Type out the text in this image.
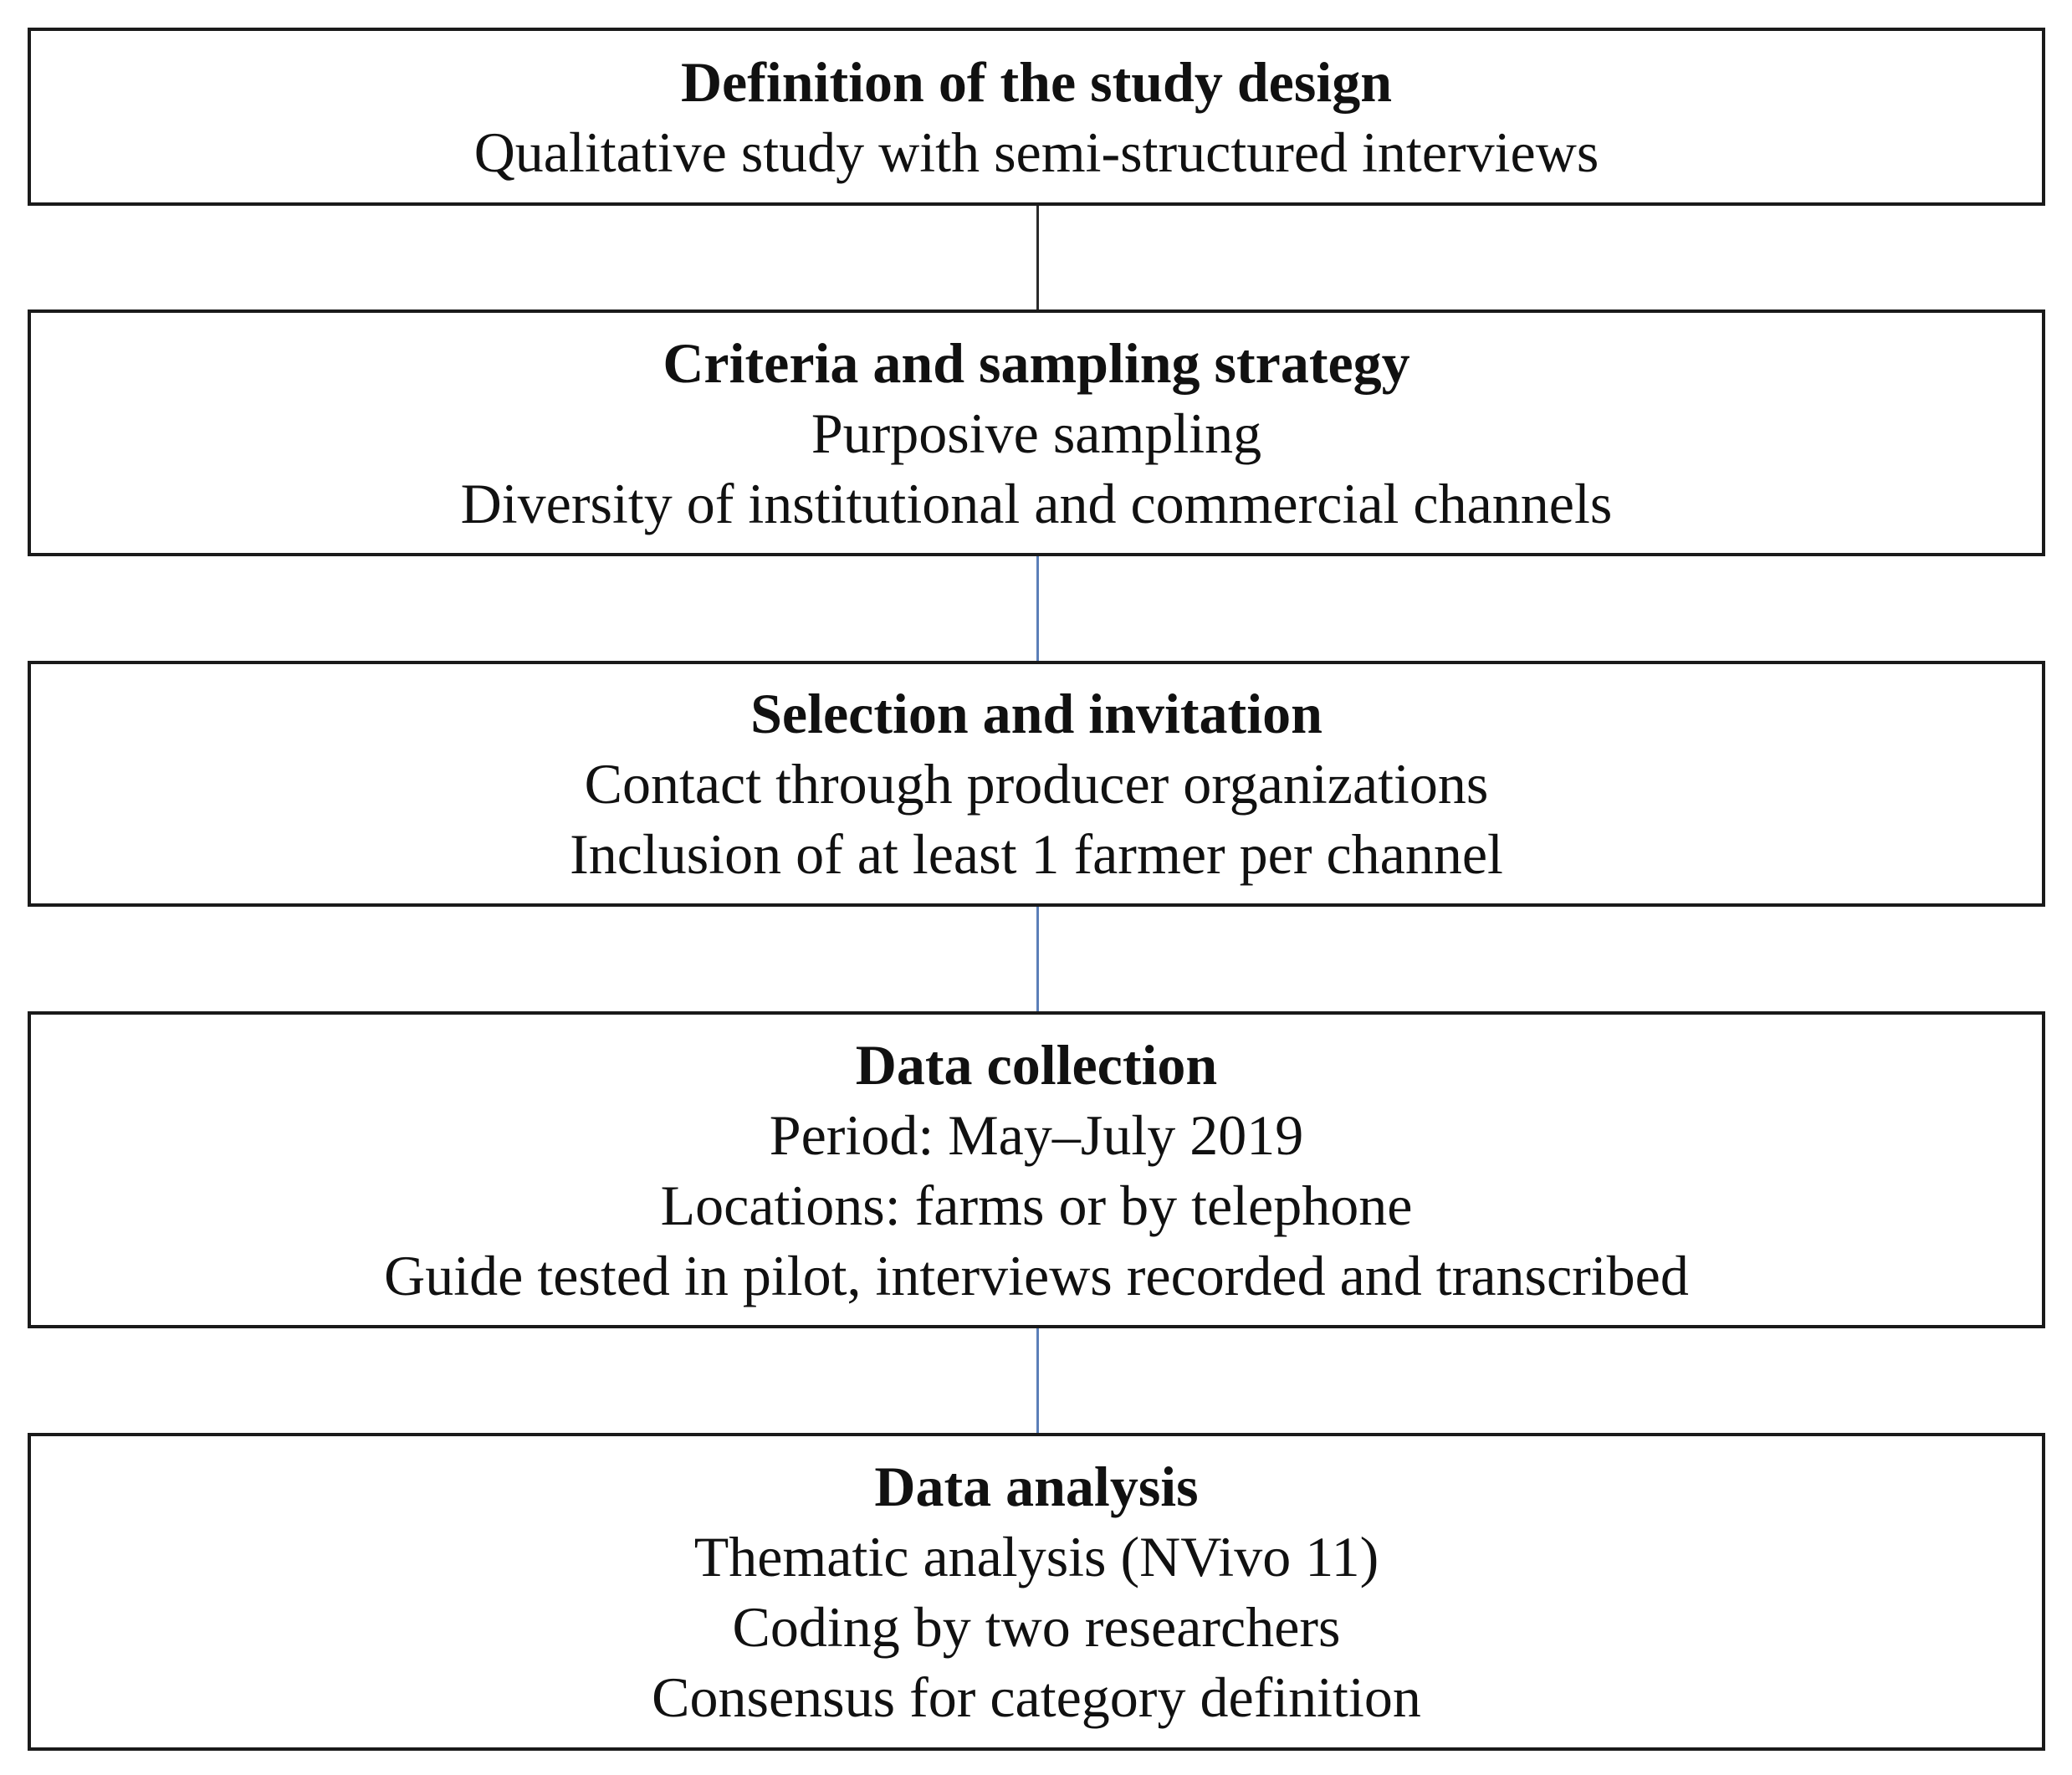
Definition of the study design
Qualitative study with semi-structured interviews
Criteria and sampling strategy
Purposive sampling
Diversity of institutional and commercial channels
Selection and invitation
Contact through producer organizations
Inclusion of at least 1 farmer per channel
Data collection
Period: May–July 2019
Locations: farms or by telephone
Guide tested in pilot, interviews recorded and transcribed
Data analysis
Thematic analysis (NVivo 11)
Coding by two researchers
Consensus for category definition
